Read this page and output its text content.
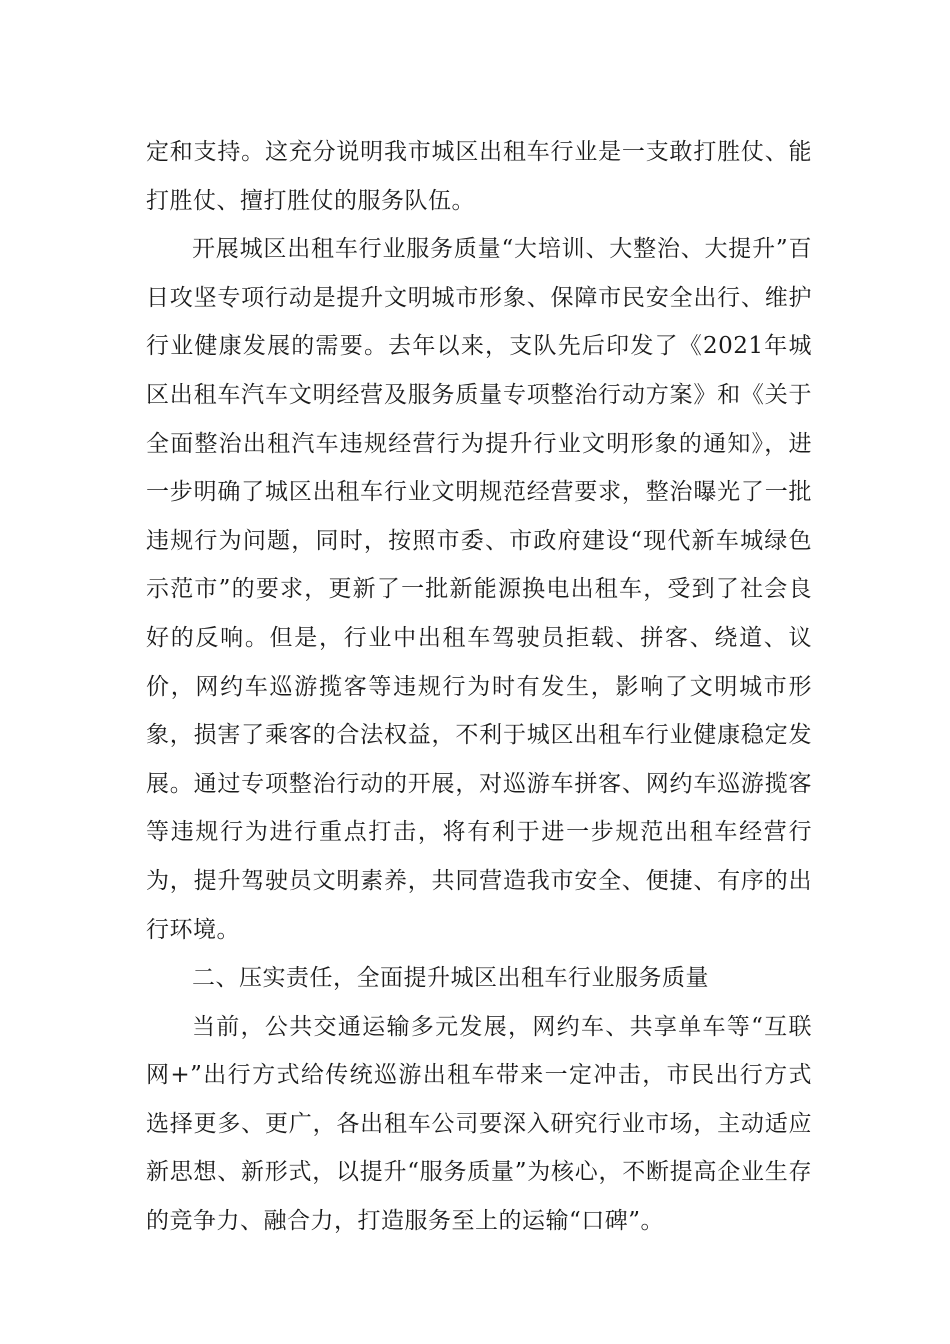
定和支持。这充分说明我市城区出租车行业是一支敢打胜仗、能打胜仗、擅打胜仗的服务队伍。

开展城区出租车行业服务质量“大培训、大整治、大提升”百日攻坚专项行动是提升文明城市形象、保障市民安全出行、维护行业健康发展的需要。去年以来，支队先后印发了《2021年城区出租车汽车文明经营及服务质量专项整治行动方案》和《关于全面整治出租汽车违规经营行为提升行业文明形象的通知》，进一步明确了城区出租车行业文明规范经营要求，整治曝光了一批违规行为问题，同时，按照市委、市政府建设“现代新车城绿色示范市”的要求，更新了一批新能源换电出租车，受到了社会良好的反响。但是，行业中出租车驾驶员拒载、拼客、绕道、议价，网约车巡游揽客等违规行为时有发生，影响了文明城市形象，损害了乘客的合法权益，不利于城区出租车行业健康稳定发展。通过专项整治行动的开展，对巡游车拼客、网约车巡游揽客等违规行为进行重点打击，将有利于进一步规范出租车经营行为，提升驾驶员文明素养，共同营造我市安全、便捷、有序的出行环境。

二、压实责任，全面提升城区出租车行业服务质量

当前，公共交通运输多元发展，网约车、共享单车等“互联网+”出行方式给传统巡游出租车带来一定冲击，市民出行方式选择更多、更广，各出租车公司要深入研究行业市场，主动适应新思想、新形式，以提升“服务质量”为核心，不断提高企业生存的竞争力、融合力，打造服务至上的运输“口碑”。
